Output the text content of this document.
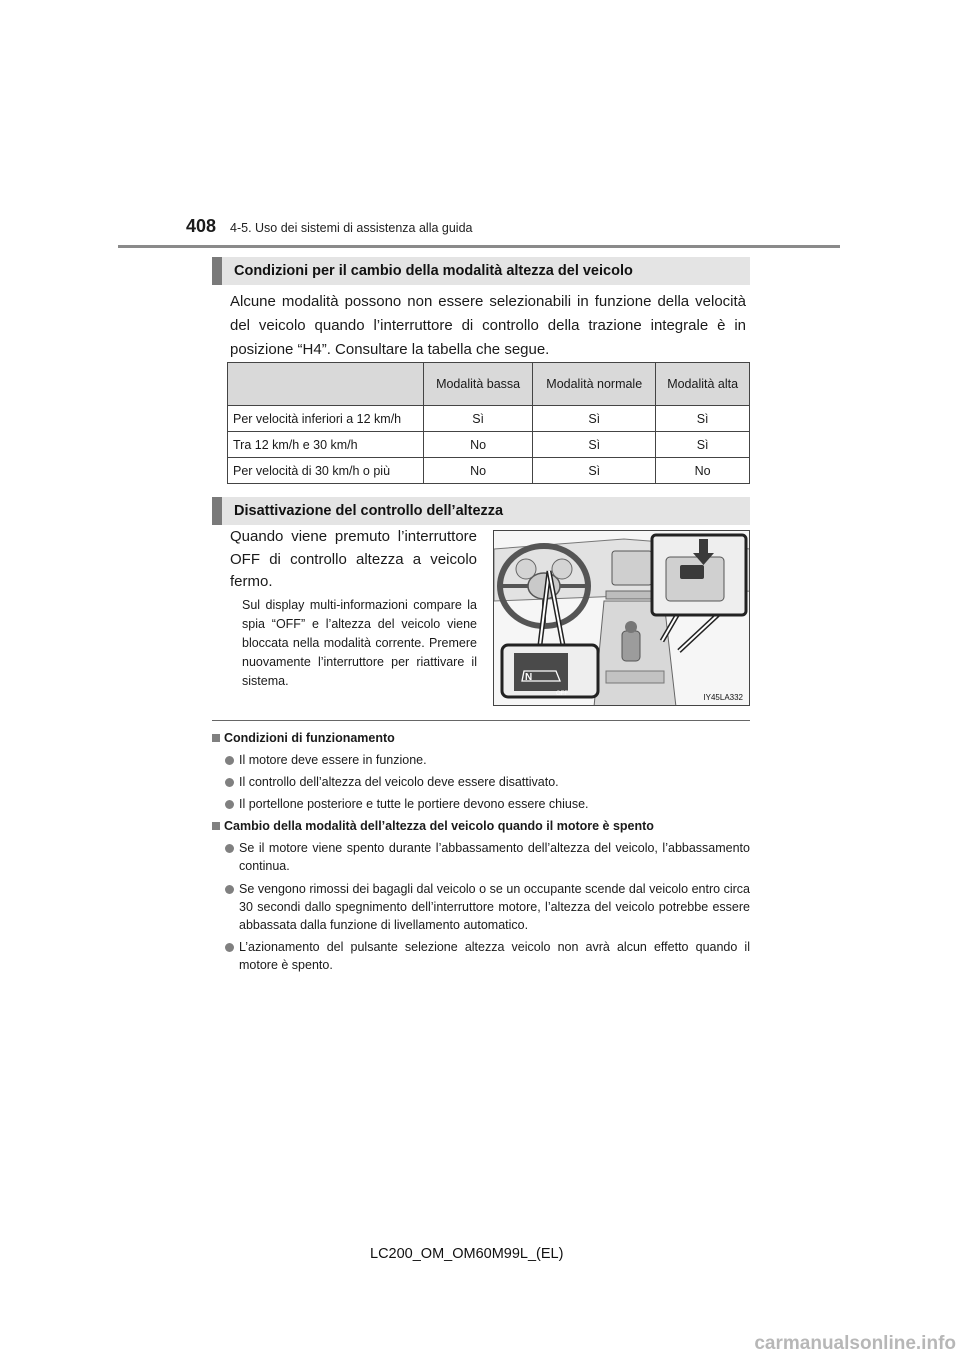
408 4-5. Uso dei sistemi di assistenza alla guida
Condizioni per il cambio della modalità altezza del veicolo

Alcune modalità possono non essere selezionabili in funzione della velocità del veicolo quando l’interruttore di controllo della trazione integrale è in posizione “H4”. Consultare la tabella che segue.

	Modalità bassa	Modalità normale	Modalità alta
Per velocità inferiori a 12 km/h	Sì	Sì	Sì
Tra 12 km/h e 30 km/h	No	Sì	Sì
Per velocità di 30 km/h o più	No	Sì	No
Disattivazione del controllo dell’altezza

Quando viene premuto l’interruttore OFF di controllo altezza a veicolo fermo.

Sul display multi-informazioni compare la spia “OFF” e l’altezza del veicolo viene bloccata nella modalità corrente. Premere nuovamente l’interruttore per riattivare il sistema.	N
OFF	IY45LA332
Condizioni di funzionamento
Il motore deve essere in funzione.
Il controllo dell’altezza del veicolo deve essere disattivato.
Il portellone posteriore e tutte le portiere devono essere chiuse.
Cambio della modalità dell’altezza del veicolo quando il motore è spento
Se il motore viene spento durante l’abbassamento dell’altezza del veicolo, l’abbassamento continua.
Se vengono rimossi dei bagagli dal veicolo o se un occupante scende dal veicolo entro circa 30 secondi dallo spegnimento dell’interruttore motore, l’altezza del veicolo potrebbe essere abbassata dalla funzione di livellamento automatico.
L’azionamento del pulsante selezione altezza veicolo non avrà alcun effetto quando il motore è spento.
LC200_OM_OM60M99L_(EL)
carmanualsonline.info
